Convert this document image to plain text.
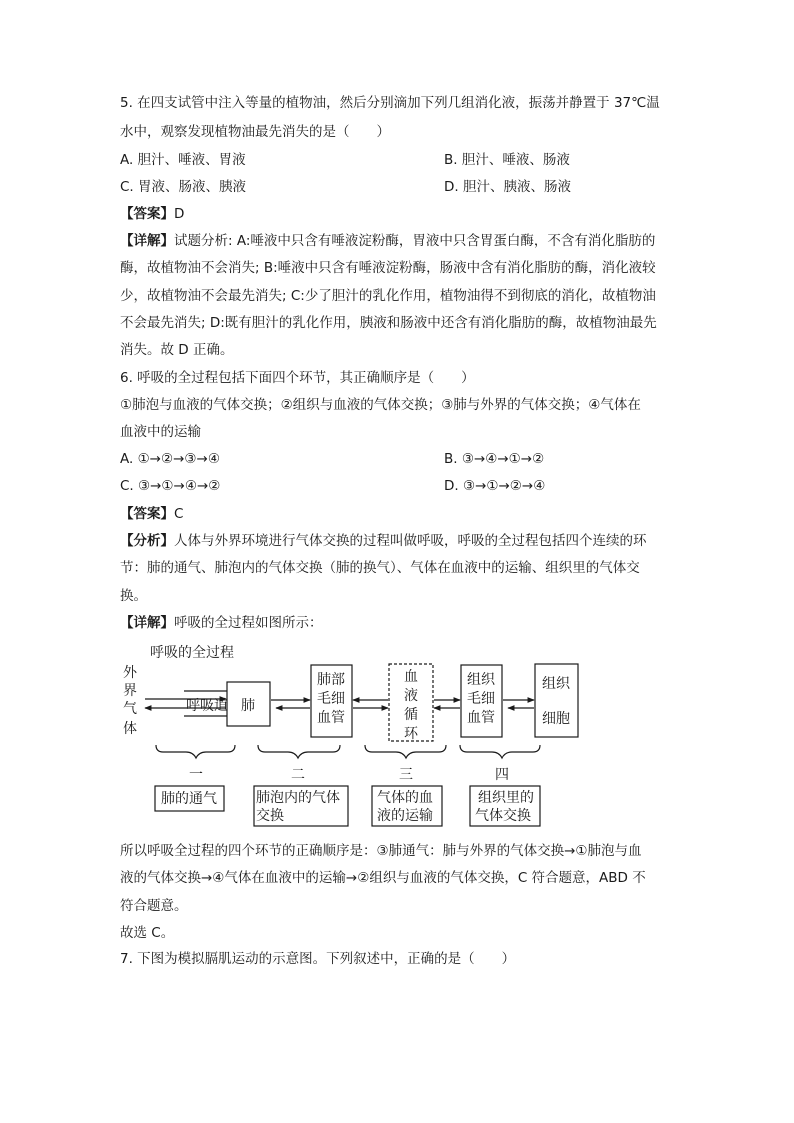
5. 在四支试管中注入等量的植物油，然后分别滴加下列几组消化液，振荡并静置于 37℃温
水中，观察发现植物油最先消失的是（　　）
A. 胆汁、唾液、胃液	B. 胆汁、唾液、肠液
C. 胃液、肠液、胰液	D. 胆汁、胰液、肠液
【答案】D
【详解】试题分析: A:唾液中只含有唾液淀粉酶，胃液中只含胃蛋白酶，不含有消化脂肪的
酶，故植物油不会消失; B:唾液中只含有唾液淀粉酶，肠液中含有消化脂肪的酶，消化液较
少，故植物油不会最先消失; C:少了胆汁的乳化作用，植物油得不到彻底的消化，故植物油
不会最先消失; D:既有胆汁的乳化作用，胰液和肠液中还含有消化脂肪的酶，故植物油最先
消失。故 D 正确。
6. 呼吸的全过程包括下面四个环节，其正确顺序是（　　）
①肺泡与血液的气体交换；②组织与血液的气体交换；③肺与外界的气体交换；④气体在
血液中的运输
A. ①→②→③→④	B. ③→④→①→②
C. ③→①→④→②	D. ③→①→②→④
【答案】C
【分析】人体与外界环境进行气体交换的过程叫做呼吸，呼吸的全过程包括四个连续的环
节：肺的通气、肺泡内的气体交换（肺的换气）、气体在血液中的运输、组织里的气体交
换。
【详解】呼吸的全过程如图所示：
呼吸的全过程
外
界
气
体
呼吸道 肺
肺部
毛细
血管
血
液
循
环
组织
毛细
血管
组织
细胞
一	二	三	四
肺的通气	肺泡内的气体
交换
气体的血
液的运输
组织里的
气体交换
所以呼吸全过程的四个环节的正确顺序是：③肺通气：肺与外界的气体交换→①肺泡与血
液的气体交换→④气体在血液中的运输→②组织与血液的气体交换，C 符合题意，ABD 不
符合题意。
故选 C。
7. 下图为模拟膈肌运动的示意图。下列叙述中，正确的是（　　）
